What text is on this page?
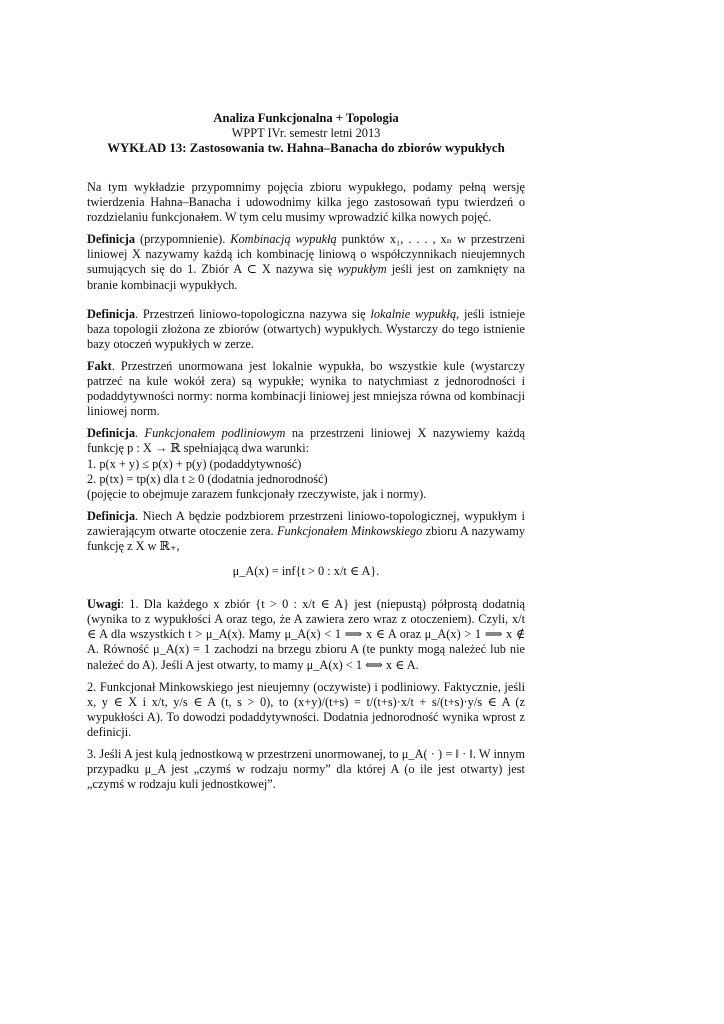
Analiza Funkcjonalna + Topologia
WPPT IVr. semestr letni 2013
WYKŁAD 13: Zastosowania tw. Hahna–Banacha do zbiorów wypukłych

Na tym wykładzie przypomnimy pojęcia zbioru wypukłego, podamy pełną wersję twierdzenia Hahna–Banacha i udowodnimy kilka jego zastosowań typu twierdzeń o rozdzielaniu funkcjonałem. W tym celu musimy wprowadzić kilka nowych pojęć.

Definicja (przypomnienie). Kombinacją wypukłą punktów x₁, . . . , xₙ w przestrzeni liniowej X nazywamy każdą ich kombinację liniową o współczynnikach nieujemnych sumujących się do 1. Zbiór A ⊂ X nazywa się wypukłym jeśli jest on zamknięty na branie kombinacji wypukłych.

Definicja. Przestrzeń liniowo-topologiczna nazywa się lokalnie wypukłą, jeśli istnieje baza topologii złożona ze zbiorów (otwartych) wypukłych. Wystarczy do tego istnienie bazy otoczeń wypukłych w zerze.

Fakt. Przestrzeń unormowana jest lokalnie wypukła, bo wszystkie kule (wystarczy patrzeć na kule wokół zera) są wypukłe; wynika to natychmiast z jednorodności i podaddytywności normy: norma kombinacji liniowej jest mniejsza równa od kombinacji liniowej norm.

Definicja. Funkcjonałem podliniowym na przestrzeni liniowej X nazywiemy każdą funkcję p : X → ℝ spełniającą dwa warunki:
1. p(x + y) ≤ p(x) + p(y) (podaddytywność)
2. p(tx) = tp(x) dla t ≥ 0 (dodatnia jednorodność)
(pojęcie to obejmuje zarazem funkcjonały rzeczywiste, jak i normy).

Definicja. Niech A będzie podzbiorem przestrzeni liniowo-topologicznej, wypukłym i zawierającym otwarte otoczenie zera. Funkcjonałem Minkowskiego zbioru A nazywamy funkcję z X w ℝ₊,

μ_A(x) = inf{t > 0 : x/t ∈ A}.

Uwagi: 1. Dla każdego x zbiór {t > 0 : x/t ∈ A} jest (niepustą) półprostą dodatnią (wynika to z wypukłości A oraz tego, że A zawiera zero wraz z otoczeniem). Czyli, x/t ∈ A dla wszystkich t > μ_A(x). Mamy μ_A(x) < 1 ⟹ x ∈ A oraz μ_A(x) > 1 ⟹ x ∉ A. Równość μ_A(x) = 1 zachodzi na brzegu zbioru A (te punkty mogą należeć lub nie należeć do A). Jeśli A jest otwarty, to mamy μ_A(x) < 1 ⟺ x ∈ A.

2. Funkcjonał Minkowskiego jest nieujemny (oczywiste) i podliniowy. Faktycznie, jeśli x, y ∈ X i x/t, y/s ∈ A (t, s > 0), to (x+y)/(t+s) = t/(t+s)·x/t + s/(t+s)·y/s ∈ A (z wypukłości A). To dowodzi podaddytywności. Dodatnia jednorodność wynika wprost z definicji.

3. Jeśli A jest kulą jednostkową w przestrzeni unormowanej, to μ_A( · ) = ‖ · ‖. W innym przypadku μ_A jest „czymś w rodzaju normy” dla której A (o ile jest otwarty) jest „czymś w rodzaju kuli jednostkowej”.
